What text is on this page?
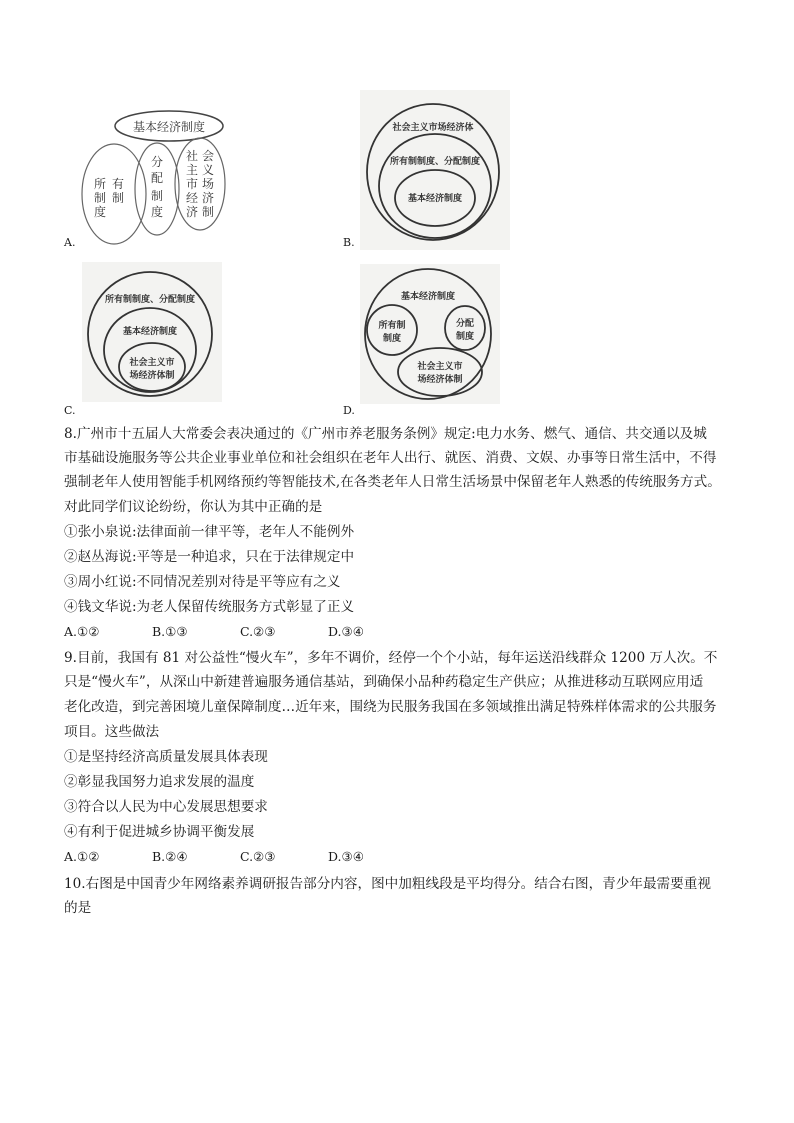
基本经济制度
所
制
度
有
制
分
配
制
度
社
主
市
经
济
会
义
场
济
制
A.
社会主义市场经济体
所有制制度、分配制度
基本经济制度
B.
所有制制度、分配制度
基本经济制度
社会主义市
场经济体制
C.
基本经济制度
所有制
制度
分配
制度
社会主义市
场经济体制
D.
8.广州市十五届人大常委会表决通过的《广州市养老服务条例》规定:电力水务、燃气、通信、共交通以及城
市基础设施服务等公共企业事业单位和社会组织在老年人出行、就医、消费、文娱、办事等日常生活中，不得
强制老年人使用智能手机网络预约等智能技术,在各类老年人日常生活场景中保留老年人熟悉的传统服务方式。
对此同学们议论纷纷，你认为其中正确的是
①张小泉说:法律面前一律平等，老年人不能例外
②赵丛海说:平等是一种追求，只在于法律规定中
③周小红说:不同情况差别对待是平等应有之义
④钱文华说:为老人保留传统服务方式彰显了正义
A.①②	B.①③	C.②③	D.③④
9.目前，我国有 81 对公益性“慢火车”，多年不调价，经停一个个小站，每年运送沿线群众 1200 万人次。不
只是“慢火车”，从深山中新建普遍服务通信基站，到确保小品种药稳定生产供应；从推进移动互联网应用适
老化改造，到完善困境儿童保障制度…近年来，围绕为民服务我国在多领域推出满足特殊样体需求的公共服务
项目。这些做法
①是坚持经济高质量发展具体表现
②彰显我国努力追求发展的温度
③符合以人民为中心发展思想要求
④有利于促进城乡协调平衡发展
A.①②	B.②④	C.②③	D.③④
10.右图是中国青少年网络素养调研报告部分内容，图中加粗线段是平均得分。结合右图，青少年最需要重视
的是
